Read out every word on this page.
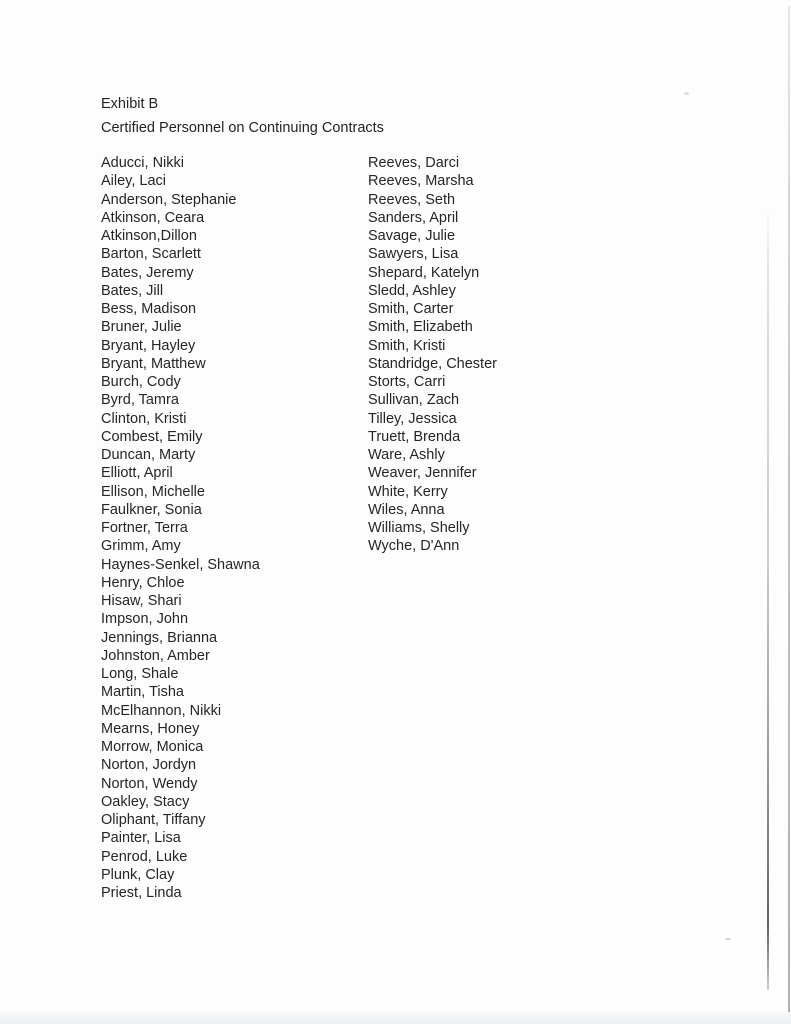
Exhibit B
Certified Personnel on Continuing Contracts
Aducci, Nikki
Ailey, Laci
Anderson, Stephanie
Atkinson, Ceara
Atkinson,Dillon
Barton, Scarlett
Bates, Jeremy
Bates, Jill
Bess, Madison
Bruner, Julie
Bryant, Hayley
Bryant, Matthew
Burch, Cody
Byrd, Tamra
Clinton, Kristi
Combest, Emily
Duncan, Marty
Elliott, April
Ellison, Michelle
Faulkner, Sonia
Fortner, Terra
Grimm, Amy
Haynes-Senkel, Shawna
Henry, Chloe
Hisaw, Shari
Impson, John
Jennings, Brianna
Johnston, Amber
Long, Shale
Martin, Tisha
McElhannon, Nikki
Mearns, Honey
Morrow, Monica
Norton, Jordyn
Norton, Wendy
Oakley, Stacy
Oliphant, Tiffany
Painter, Lisa
Penrod, Luke
Plunk, Clay
Priest, Linda
Reeves, Darci
Reeves, Marsha
Reeves, Seth
Sanders, April
Savage, Julie
Sawyers, Lisa
Shepard, Katelyn
Sledd, Ashley
Smith, Carter
Smith, Elizabeth
Smith, Kristi
Standridge, Chester
Storts, Carri
Sullivan, Zach
Tilley, Jessica
Truett, Brenda
Ware, Ashly
Weaver, Jennifer
White, Kerry
Wiles, Anna
Williams, Shelly
Wyche, D'Ann
